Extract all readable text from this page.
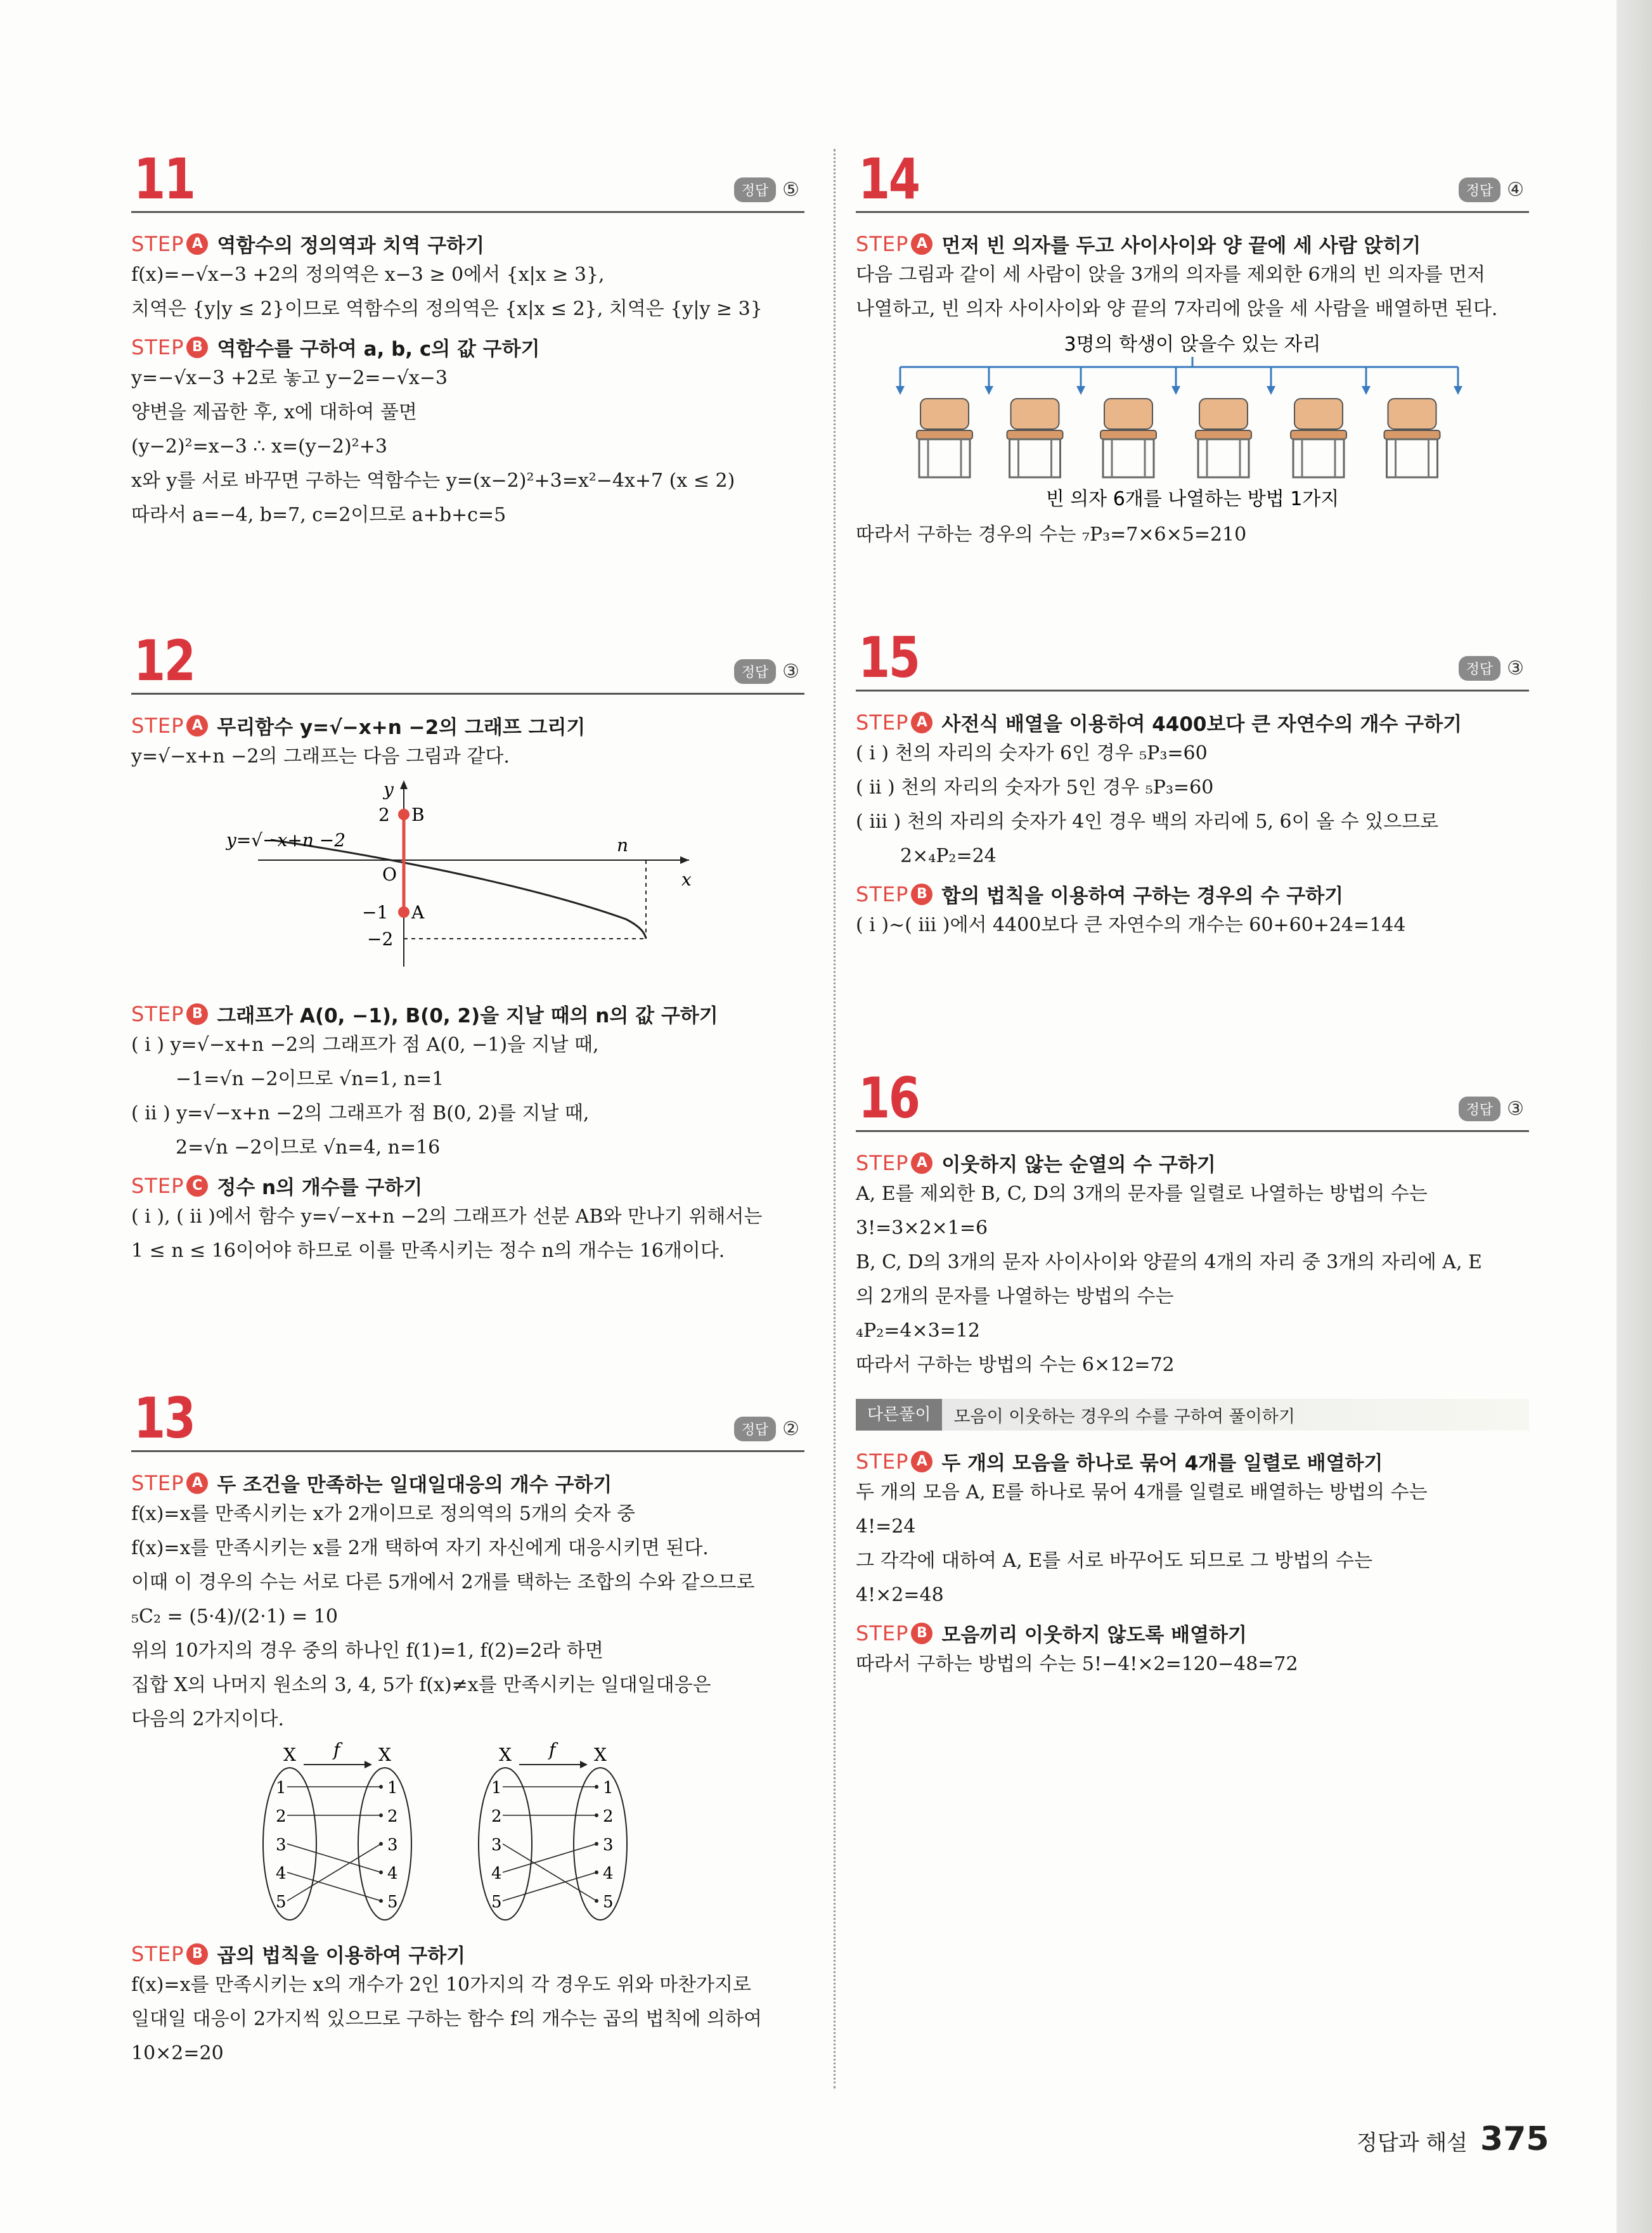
11	정답 ⑤
STEP A 역함수의 정의역과 치역 구하기

f(x)=−√x−3 +2의 정의역은 x−3 ≥ 0에서 {x|x ≥ 3},

치역은 {y|y ≤ 2}이므로 역함수의 정의역은 {x|x ≤ 2}, 치역은 {y|y ≥ 3}

STEP B 역함수를 구하여 a, b, c의 값 구하기

y=−√x−3 +2로 놓고 y−2=−√x−3

양변을 제곱한 후, x에 대하여 풀면

(y−2)²=x−3 ∴ x=(y−2)²+3

x와 y를 서로 바꾸면 구하는 역함수는 y=(x−2)²+3=x²−4x+7 (x ≤ 2)

따라서 a=−4, b=7, c=2이므로 a+b+c=5

12	정답 ③
STEP A 무리함수 y=√−x+n −2의 그래프 그리기

y=√−x+n −2의 그래프는 다음 그림과 같다.

y
x
O
n
2 B
−1 A
−2
y=√−x+n −2
STEP B 그래프가 A(0, −1), B(0, 2)을 지날 때의 n의 값 구하기

( i ) y=√−x+n −2의 그래프가 점 A(0, −1)을 지날 때,

−1=√n −2이므로 √n=1, n=1

( ii ) y=√−x+n −2의 그래프가 점 B(0, 2)를 지날 때,

2=√n −2이므로 √n=4, n=16

STEP C 정수 n의 개수를 구하기

( i ), ( ii )에서 함수 y=√−x+n −2의 그래프가 선분 AB와 만나기 위해서는

1 ≤ n ≤ 16이어야 하므로 이를 만족시키는 정수 n의 개수는 16개이다.

13	정답 ②
STEP A 두 조건을 만족하는 일대일대응의 개수 구하기

f(x)=x를 만족시키는 x가 2개이므로 정의역의 5개의 숫자 중

f(x)=x를 만족시키는 x를 2개 택하여 자기 자신에게 대응시키면 된다.

이때 이 경우의 수는 서로 다른 5개에서 2개를 택하는 조합의 수와 같으므로

₅C₂ = (5·4)/(2·1) = 10

위의 10가지의 경우 중의 하나인 f(1)=1, f(2)=2라 하면

집합 X의 나머지 원소의 3, 4, 5가 f(x)≠x를 만족시키는 일대일대응은

다음의 2가지이다.

X	X
f
1	1
2	2
3	3
4	4
5	5
X	X
f
1	1
2	2
3	3
4	4
5	5
STEP B 곱의 법칙을 이용하여 구하기

f(x)=x를 만족시키는 x의 개수가 2인 10가지의 각 경우도 위와 마찬가지로

일대일 대응이 2가지씩 있으므로 구하는 함수 f의 개수는 곱의 법칙에 의하여

10×2=20

14	정답 ④
STEP A 먼저 빈 의자를 두고 사이사이와 양 끝에 세 사람 앉히기

다음 그림과 같이 세 사람이 앉을 3개의 의자를 제외한 6개의 빈 의자를 먼저

나열하고, 빈 의자 사이사이와 양 끝의 7자리에 앉을 세 사람을 배열하면 된다.

3명의 학생이 앉을수 있는 자리
빈 의자 6개를 나열하는 방법 1가지

따라서 구하는 경우의 수는 ₇P₃=7×6×5=210

15	정답 ③
STEP A 사전식 배열을 이용하여 4400보다 큰 자연수의 개수 구하기

( i ) 천의 자리의 숫자가 6인 경우 ₅P₃=60

( ii ) 천의 자리의 숫자가 5인 경우 ₅P₃=60

( iii ) 천의 자리의 숫자가 4인 경우 백의 자리에 5, 6이 올 수 있으므로

2×₄P₂=24

STEP B 합의 법칙을 이용하여 구하는 경우의 수 구하기

( i )~( iii )에서 4400보다 큰 자연수의 개수는 60+60+24=144

16	정답 ③
STEP A 이웃하지 않는 순열의 수 구하기

A, E를 제외한 B, C, D의 3개의 문자를 일렬로 나열하는 방법의 수는

3!=3×2×1=6

B, C, D의 3개의 문자 사이사이와 양끝의 4개의 자리 중 3개의 자리에 A, E

의 2개의 문자를 나열하는 방법의 수는

₄P₂=4×3=12

따라서 구하는 방법의 수는 6×12=72

다른풀이	모음이 이웃하는 경우의 수를 구하여 풀이하기
STEP A 두 개의 모음을 하나로 묶어 4개를 일렬로 배열하기

두 개의 모음 A, E를 하나로 묶어 4개를 일렬로 배열하는 방법의 수는

4!=24

그 각각에 대하여 A, E를 서로 바꾸어도 되므로 그 방법의 수는

4!×2=48

STEP B 모음끼리 이웃하지 않도록 배열하기

따라서 구하는 방법의 수는 5!−4!×2=120−48=72

정답과 해설 375
